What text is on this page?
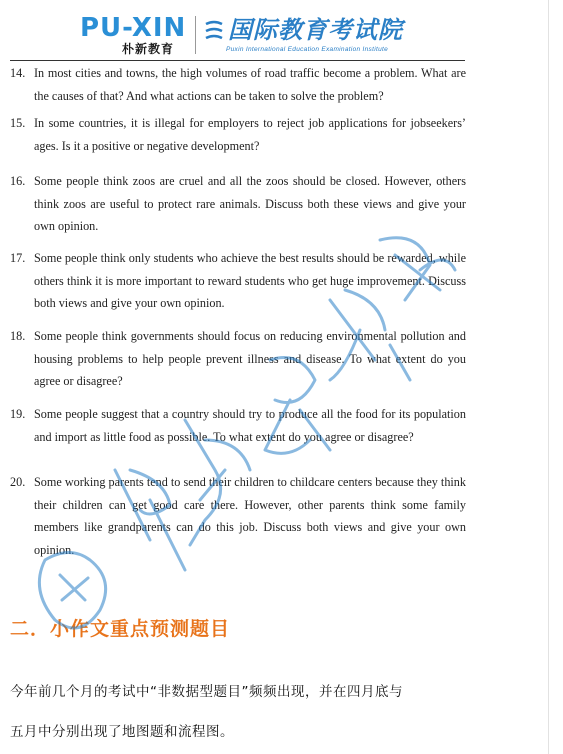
PU-XIN
朴新教育
国际教育考试院
Puxin International Education Examination Institute
14. In most cities and towns, the high volumes of road traffic become a problem. What are the causes of that? And what actions can be taken to solve the problem?
15. In some countries, it is illegal for employers to reject job applications for jobseekers’ ages. Is it a positive or negative development?
16. Some people think zoos are cruel and all the zoos should be closed. However, others think zoos are useful to protect rare animals. Discuss both these views and give your own opinion.
17. Some people think only students who achieve the best results should be rewarded, while others think it is more important to reward students who get huge improvement. Discuss both views and give your own opinion.
18. Some people think governments should focus on reducing environmental pollution and housing problems to help people prevent illness and disease. To what extent do you agree or disagree?
19. Some people suggest that a country should try to produce all the food for its population and import as little food as possible. To what extent do you agree or disagree?
20. Some working parents tend to send their children to childcare centers because they think their children can get good care there. However, other parents think some family members like grandparents can do this job. Discuss both views and give your own opinion.
二．小作文重点预测题目
今年前几个月的考试中“非数据型题目”频频出现，并在四月底与
五月中分别出现了地图题和流程图。
